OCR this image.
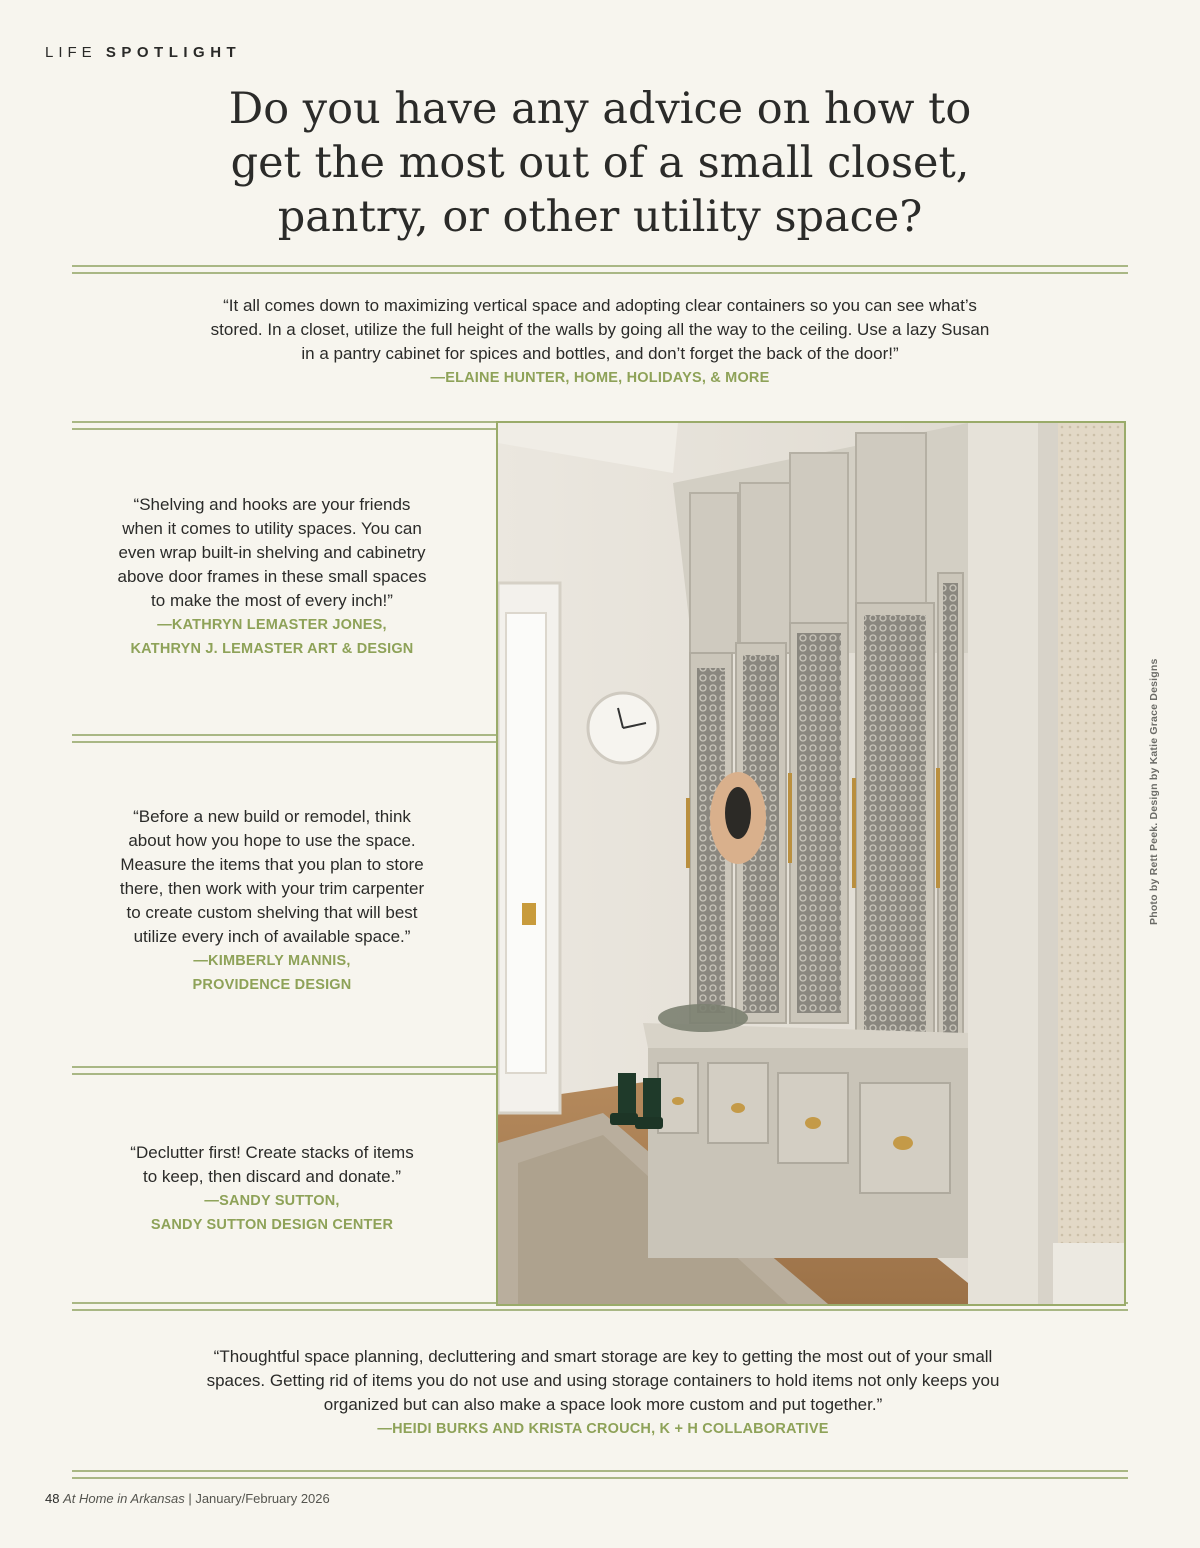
LIFE SPOTLIGHT
Do you have any advice on how to
get the most out of a small closet,
pantry, or other utility space?
“It all comes down to maximizing vertical space and adopting clear containers so you can see what’s
stored. In a closet, utilize the full height of the walls by going all the way to the ceiling. Use a lazy Susan
in a pantry cabinet for spices and bottles, and don’t forget the back of the door!”
—ELAINE HUNTER, HOME, HOLIDAYS, & MORE
“Shelving and hooks are your friends
when it comes to utility spaces. You can
even wrap built-in shelving and cabinetry
above door frames in these small spaces
to make the most of every inch!”
—KATHRYN LEMASTER JONES,
KATHRYN J. LEMASTER ART & DESIGN
“Before a new build or remodel, think
about how you hope to use the space.
Measure the items that you plan to store
there, then work with your trim carpenter
to create custom shelving that will best
utilize every inch of available space.”
—KIMBERLY MANNIS,
PROVIDENCE DESIGN
“Declutter first! Create stacks of items
to keep, then discard and donate.”
—SANDY SUTTON,
SANDY SUTTON DESIGN CENTER
Photo by Rett Peek. Design by Katie Grace Designs
“Thoughtful space planning, decluttering and smart storage are key to getting the most out of your small
spaces. Getting rid of items you do not use and using storage containers to hold items not only keeps you
organized but can also make a space look more custom and put together.”
—HEIDI BURKS AND KRISTA CROUCH, K + H COLLABORATIVE
48 At Home in Arkansas | January/February 2026
